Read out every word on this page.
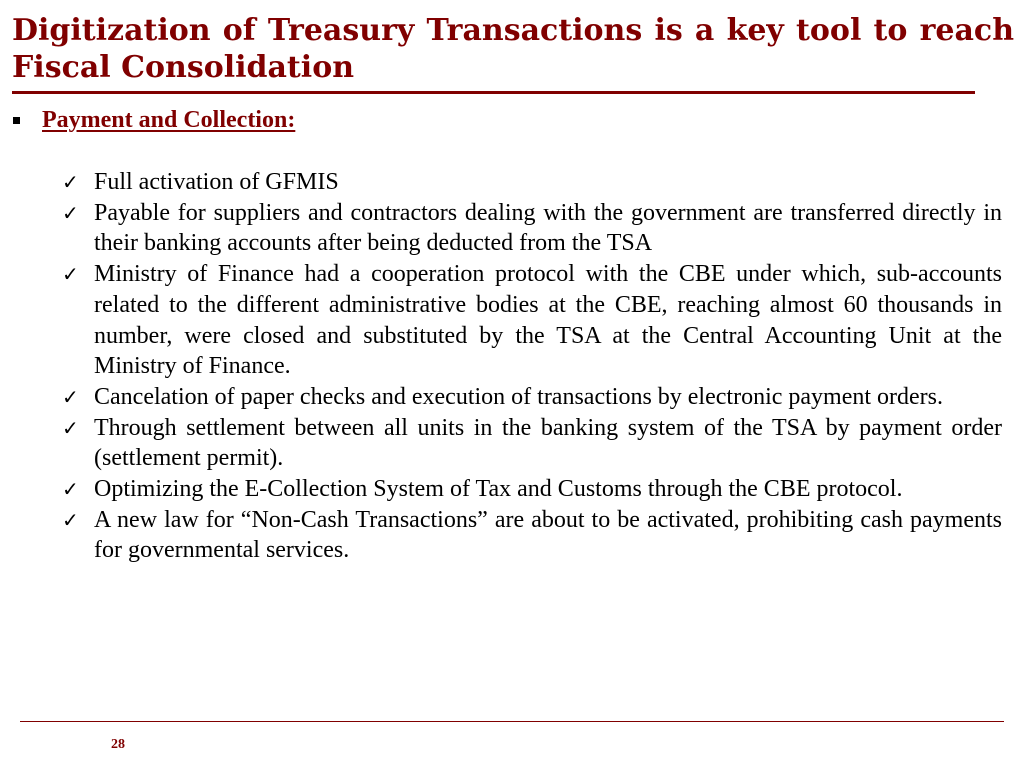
Digitization of Treasury Transactions is a key tool to reach Fiscal Consolidation
Payment and Collection:
✓ Full activation of GFMIS
✓ Payable for suppliers and contractors dealing with the government are transferred directly in their banking accounts after being deducted from the TSA
✓ Ministry of Finance had a cooperation protocol with the CBE under which, sub-accounts related to the different administrative bodies at the CBE, reaching almost 60 thousands in number, were closed and substituted by the TSA at the Central Accounting Unit at the Ministry of Finance.
✓ Cancelation of paper checks and execution of transactions by electronic payment orders.
✓ Through settlement between all units in the banking system of the TSA by payment order (settlement permit).
✓ Optimizing the E-Collection System of Tax and Customs through the CBE protocol.
✓ A new law for “Non-Cash Transactions” are about to be activated, prohibiting cash payments for governmental services.
28
